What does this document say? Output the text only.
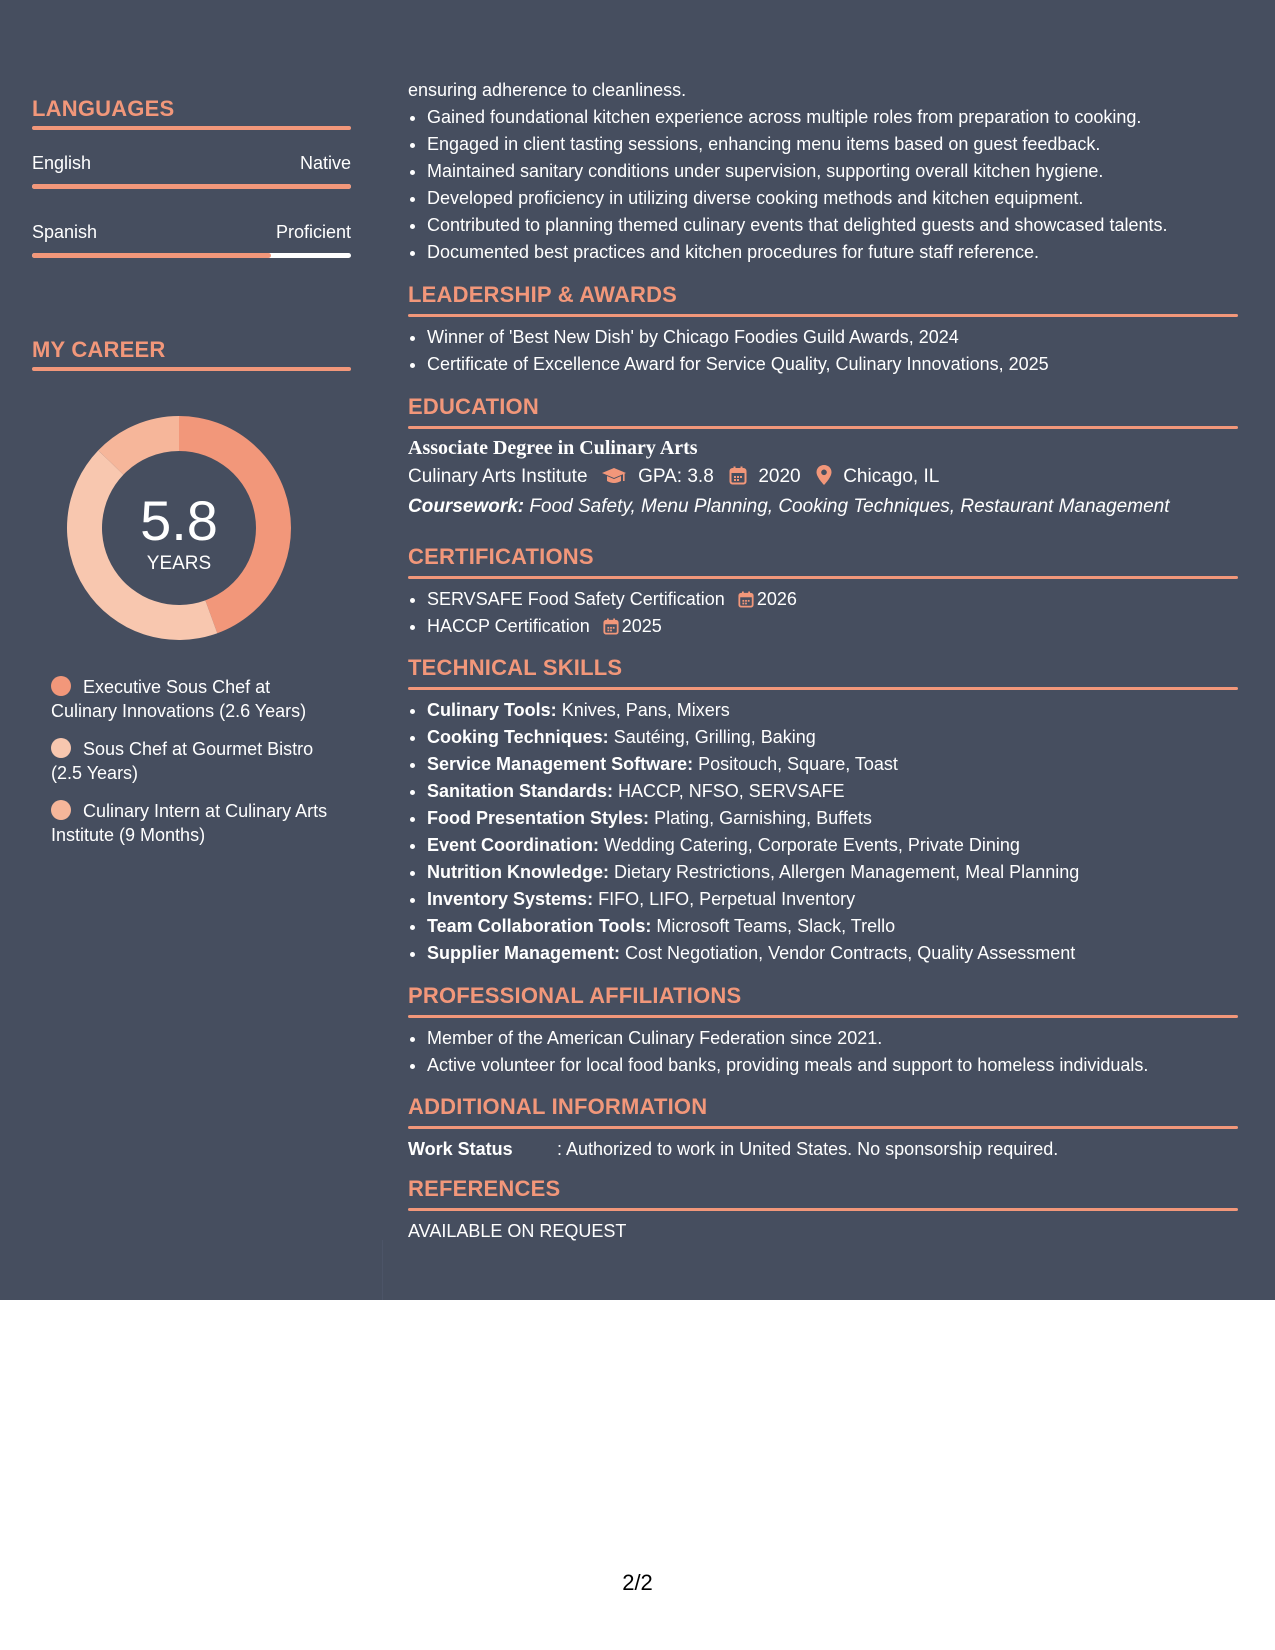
LANGUAGES
English	Native
Spanish	Proficient
MY CAREER
5.8
YEARS
Executive Sous Chef at Culinary Innovations (2.6 Years)
Sous Chef at Gourmet Bistro (2.5 Years)
Culinary Intern at Culinary Arts Institute (9 Months)
ensuring adherence to cleanliness.
• Gained foundational kitchen experience across multiple roles from preparation to cooking.
• Engaged in client tasting sessions, enhancing menu items based on guest feedback.
• Maintained sanitary conditions under supervision, supporting overall kitchen hygiene.
• Developed proficiency in utilizing diverse cooking methods and kitchen equipment.
• Contributed to planning themed culinary events that delighted guests and showcased talents.
• Documented best practices and kitchen procedures for future staff reference.
LEADERSHIP & AWARDS
• Winner of 'Best New Dish' by Chicago Foodies Guild Awards, 2024
• Certificate of Excellence Award for Service Quality, Culinary Innovations, 2025
EDUCATION
Associate Degree in Culinary Arts
Culinary Arts Institute	GPA: 3.8 2020 Chicago, IL
Coursework: Food Safety, Menu Planning, Cooking Techniques, Restaurant Management
CERTIFICATIONS
• SERVSAFE Food Safety Certification 2026
• HACCP Certification 2025
TECHNICAL SKILLS
• Culinary Tools: Knives, Pans, Mixers
• Cooking Techniques: Sautéing, Grilling, Baking
• Service Management Software: Positouch, Square, Toast
• Sanitation Standards: HACCP, NFSO, SERVSAFE
• Food Presentation Styles: Plating, Garnishing, Buffets
• Event Coordination: Wedding Catering, Corporate Events, Private Dining
• Nutrition Knowledge: Dietary Restrictions, Allergen Management, Meal Planning
• Inventory Systems: FIFO, LIFO, Perpetual Inventory
• Team Collaboration Tools: Microsoft Teams, Slack, Trello
• Supplier Management: Cost Negotiation, Vendor Contracts, Quality Assessment
PROFESSIONAL AFFILIATIONS
• Member of the American Culinary Federation since 2021.
• Active volunteer for local food banks, providing meals and support to homeless individuals.
ADDITIONAL INFORMATION
Work Status : Authorized to work in United States. No sponsorship required.
REFERENCES
AVAILABLE ON REQUEST
2/2
